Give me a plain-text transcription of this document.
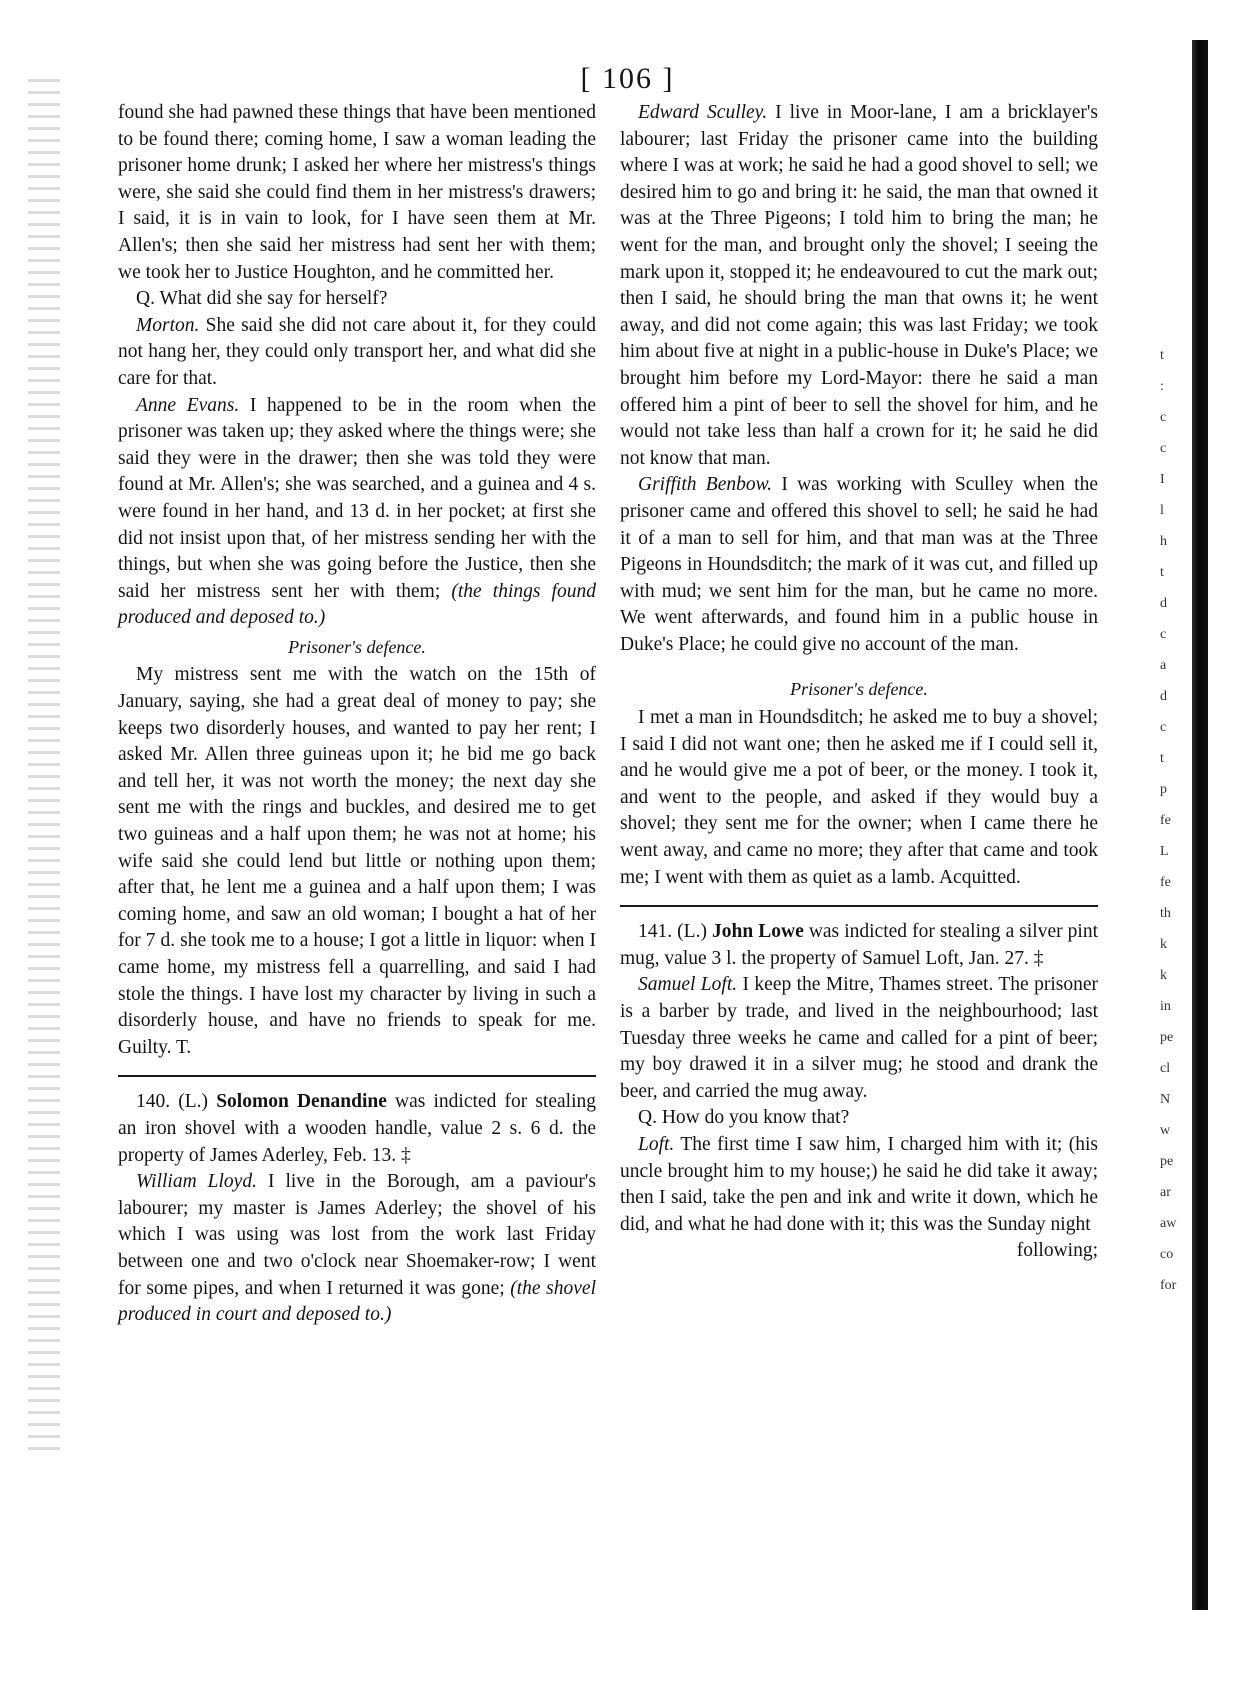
[ 106 ]

found she had pawned these things that have been mentioned to be found there; coming home, I saw a woman leading the prisoner home drunk; I asked her where her mistress's things were, she said she could find them in her mistress's drawers; I said, it is in vain to look, for I have seen them at Mr. Allen's; then she said her mistress had sent her with them; we took her to Justice Houghton, and he committed her.

Q. What did she say for herself?

Morton. She said she did not care about it, for they could not hang her, they could only transport her, and what did she care for that.

Anne Evans. I happened to be in the room when the prisoner was taken up; they asked where the things were; she said they were in the drawer; then she was told they were found at Mr. Allen's; she was searched, and a guinea and 4 s. were found in her hand, and 13 d. in her pocket; at first she did not insist upon that, of her mistress sending her with the things, but when she was going before the Justice, then she said her mistress sent her with them; (the things found produced and deposed to.)

Prisoner's defence.

My mistress sent me with the watch on the 15th of January, saying, she had a great deal of money to pay; she keeps two disorderly houses, and wanted to pay her rent; I asked Mr. Allen three guineas upon it; he bid me go back and tell her, it was not worth the money; the next day she sent me with the rings and buckles, and desired me to get two guineas and a half upon them; he was not at home; his wife said she could lend but little or nothing upon them; after that, he lent me a guinea and a half upon them; I was coming home, and saw an old woman; I bought a hat of her for 7 d. she took me to a house; I got a little in liquor: when I came home, my mistress fell a quarrelling, and said I had stole the things. I have lost my character by living in such a disorderly house, and have no friends to speak for me. Guilty. T.

140. (L.) Solomon Denandine was indicted for stealing an iron shovel with a wooden handle, value 2 s. 6 d. the property of James Aderley, Feb. 13. ‡

William Lloyd. I live in the Borough, am a paviour's labourer; my master is James Aderley; the shovel of his which I was using was lost from the work last Friday between one and two o'clock near Shoemaker-row; I went for some pipes, and when I returned it was gone; (the shovel produced in court and deposed to.)

Edward Sculley. I live in Moor-lane, I am a bricklayer's labourer; last Friday the prisoner came into the building where I was at work; he said he had a good shovel to sell; we desired him to go and bring it: he said, the man that owned it was at the Three Pigeons; I told him to bring the man; he went for the man, and brought only the shovel; I seeing the mark upon it, stopped it; he endeavoured to cut the mark out; then I said, he should bring the man that owns it; he went away, and did not come again; this was last Friday; we took him about five at night in a public-house in Duke's Place; we brought him before my Lord-Mayor: there he said a man offered him a pint of beer to sell the shovel for him, and he would not take less than half a crown for it; he said he did not know that man.

Griffith Benbow. I was working with Sculley when the prisoner came and offered this shovel to sell; he said he had it of a man to sell for him, and that man was at the Three Pigeons in Houndsditch; the mark of it was cut, and filled up with mud; we sent him for the man, but he came no more. We went afterwards, and found him in a public house in Duke's Place; he could give no account of the man.

Prisoner's defence.

I met a man in Houndsditch; he asked me to buy a shovel; I said I did not want one; then he asked me if I could sell it, and he would give me a pot of beer, or the money. I took it, and went to the people, and asked if they would buy a shovel; they sent me for the owner; when I came there he went away, and came no more; they after that came and took me; I went with them as quiet as a lamb. Acquitted.

141. (L.) John Lowe was indicted for stealing a silver pint mug, value 3 l. the property of Samuel Loft, Jan. 27. ‡

Samuel Loft. I keep the Mitre, Thames street. The prisoner is a barber by trade, and lived in the neighbourhood; last Tuesday three weeks he came and called for a pint of beer; my boy drawed it in a silver mug; he stood and drank the beer, and carried the mug away.

Q. How do you know that?

Loft. The first time I saw him, I charged him with it; (his uncle brought him to my house;) he said he did take it away; then I said, take the pen and ink and write it down, which he did, and what he had done with it; this was the Sunday night

following;

t
:
c
c
I
l
h
t
d
c
a
d
c
t
p
fe
L
fe
th
k
k
in
pe
cl
N
w
pe
ar
aw
co
for
